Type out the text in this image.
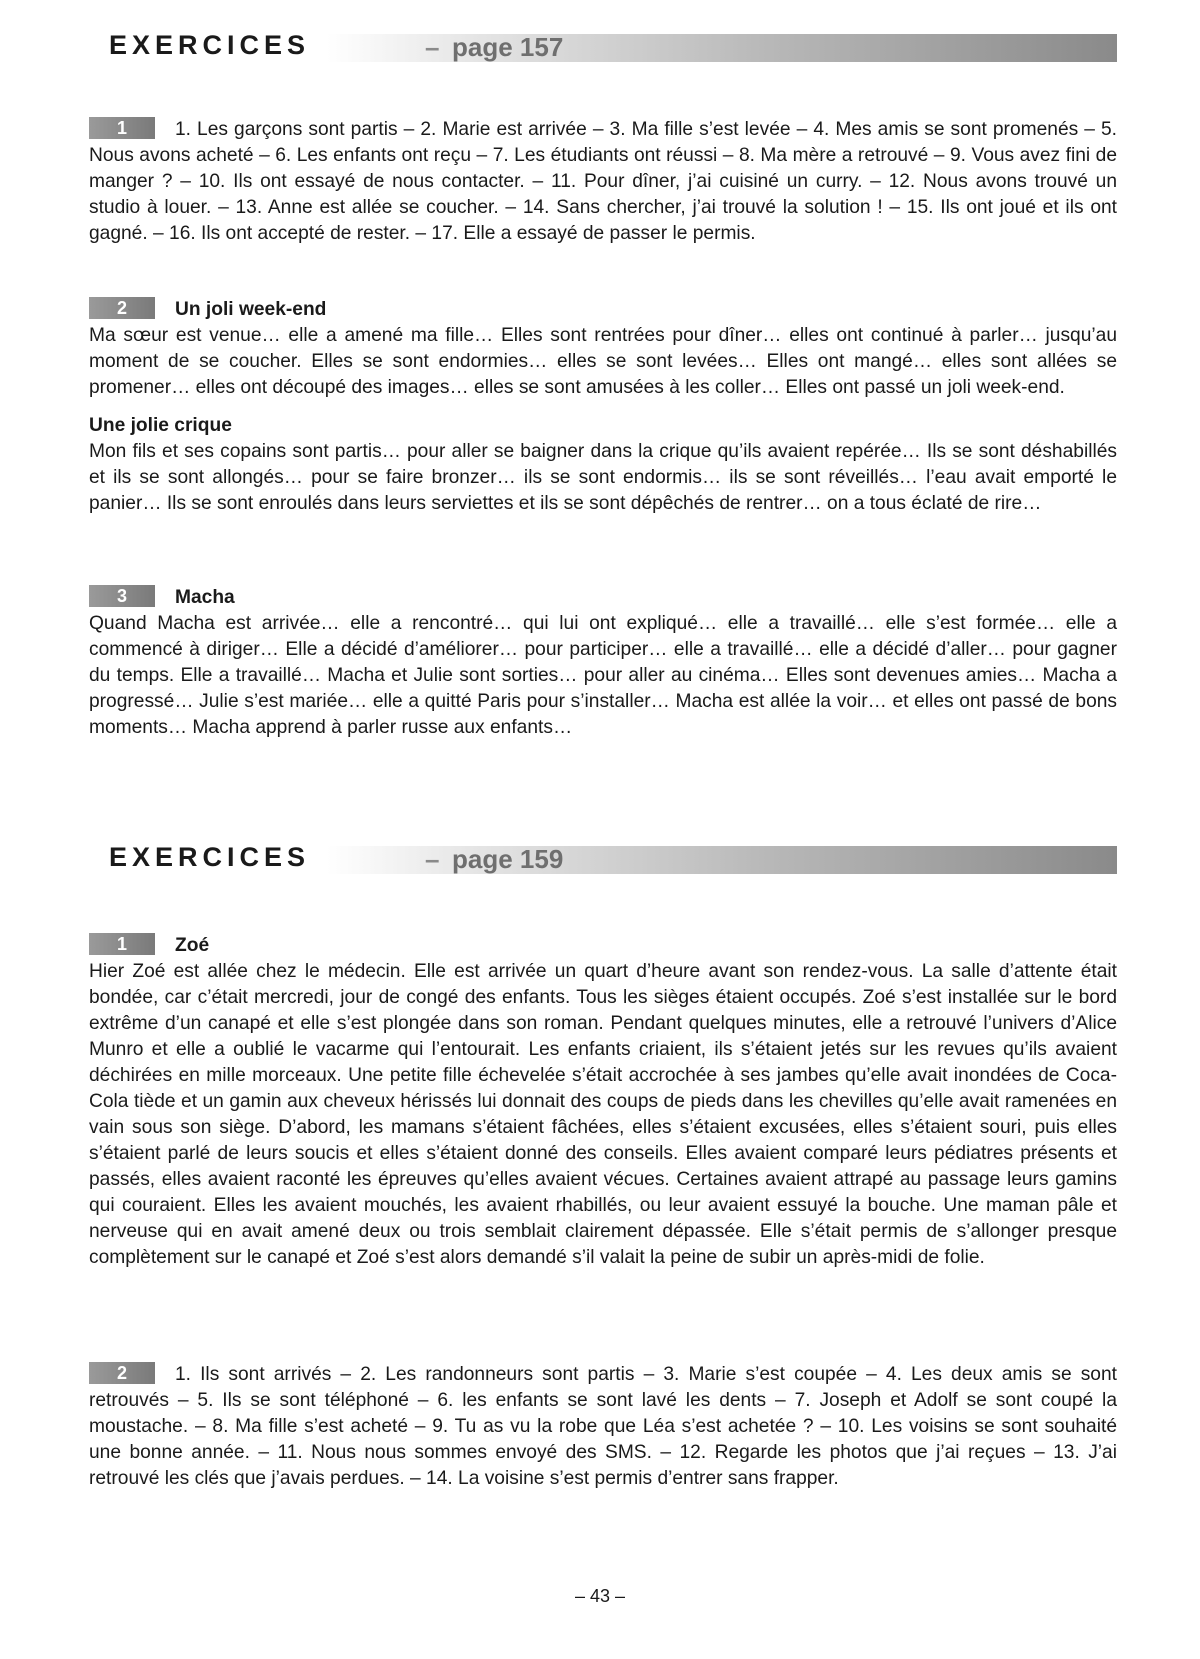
EXERCICES	– page 157
1	1. Les garçons sont partis – 2. Marie est arrivée – 3. Ma fille s’est levée – 4. Mes amis se sont promenés – 5. Nous avons acheté – 6. Les enfants ont reçu – 7. Les étudiants ont réussi – 8. Ma mère a retrouvé – 9. Vous avez fini de manger ? – 10. Ils ont essayé de nous contacter. – 11. Pour dîner, j’ai cuisiné un curry. – 12. Nous avons trouvé un studio à louer. – 13. Anne est allée se coucher. – 14. Sans chercher, j’ai trouvé la solution ! – 15. Ils ont joué et ils ont gagné. – 16. Ils ont accepté de rester. – 17. Elle a essayé de passer le permis.
2	Un joli week-end
Ma sœur est venue… elle a amené ma fille… Elles sont rentrées pour dîner… elles ont continué à parler… jusqu’au moment de se coucher. Elles se sont endormies… elles se sont levées… Elles ont mangé… elles sont allées se promener… elles ont découpé des images… elles se sont amusées à les coller… Elles ont passé un joli week-end.
Une jolie crique
Mon fils et ses copains sont partis… pour aller se baigner dans la crique qu’ils avaient repérée… Ils se sont déshabillés et ils se sont allongés… pour se faire bronzer… ils se sont endormis… ils se sont réveillés… l’eau avait emporté le panier… Ils se sont enroulés dans leurs serviettes et ils se sont dépêchés de rentrer… on a tous éclaté de rire…
3	Macha
Quand Macha est arrivée… elle a rencontré… qui lui ont expliqué… elle a travaillé… elle s’est formée… elle a commencé à diriger… Elle a décidé d’améliorer… pour participer… elle a travaillé… elle a décidé d’aller… pour gagner du temps. Elle a travaillé… Macha et Julie sont sorties… pour aller au cinéma… Elles sont devenues amies… Macha a progressé… Julie s’est mariée… elle a quitté Paris pour s’installer… Macha est allée la voir… et elles ont passé de bons moments… Macha apprend à parler russe aux enfants…
EXERCICES	– page 159
1	Zoé
Hier Zoé est allée chez le médecin. Elle est arrivée un quart d’heure avant son rendez-vous. La salle d’attente était bondée, car c’était mercredi, jour de congé des enfants. Tous les sièges étaient occupés. Zoé s’est installée sur le bord extrême d’un canapé et elle s’est plongée dans son roman. Pendant quelques minutes, elle a retrouvé l’univers d’Alice Munro et elle a oublié le vacarme qui l’entourait. Les enfants criaient, ils s’étaient jetés sur les revues qu’ils avaient déchirées en mille morceaux. Une petite fille échevelée s’était accrochée à ses jambes qu’elle avait inondées de Coca-Cola tiède et un gamin aux cheveux hérissés lui donnait des coups de pieds dans les chevilles qu’elle avait ramenées en vain sous son siège. D’abord, les mamans s’étaient fâchées, elles s’étaient excusées, elles s’étaient souri, puis elles s’étaient parlé de leurs soucis et elles s’étaient donné des conseils. Elles avaient comparé leurs pédiatres présents et passés, elles avaient raconté les épreuves qu’elles avaient vécues. Certaines avaient attrapé au passage leurs gamins qui couraient. Elles les avaient mouchés, les avaient rhabillés, ou leur avaient essuyé la bouche. Une maman pâle et nerveuse qui en avait amené deux ou trois semblait clairement dépassée. Elle s’était permis de s’allonger presque complètement sur le canapé et Zoé s’est alors demandé s’il valait la peine de subir un après-midi de folie.
2	1. Ils sont arrivés – 2. Les randonneurs sont partis – 3. Marie s’est coupée – 4. Les deux amis se sont retrouvés – 5. Ils se sont téléphoné – 6. les enfants se sont lavé les dents – 7. Joseph et Adolf se sont coupé la moustache. – 8. Ma fille s’est acheté – 9. Tu as vu la robe que Léa s’est achetée ? – 10. Les voisins se sont souhaité une bonne année. – 11. Nous nous sommes envoyé des SMS. – 12. Regarde les photos que j’ai reçues – 13. J’ai retrouvé les clés que j’avais perdues. – 14. La voisine s’est permis d’entrer sans frapper.
– 43 –
